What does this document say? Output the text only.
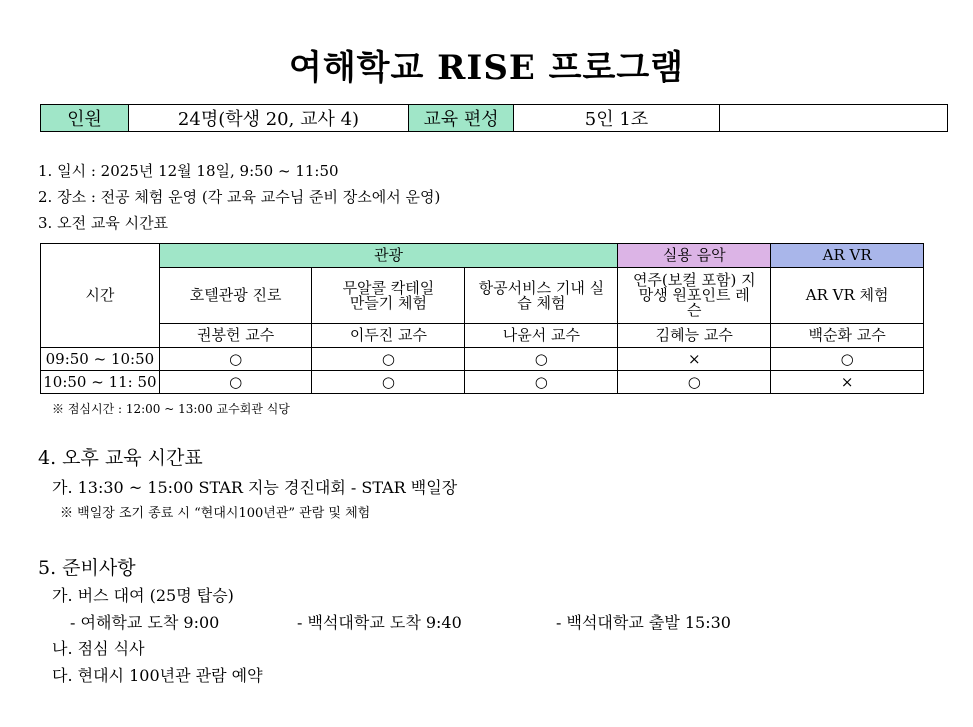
여해학교 RISE 프로그램
인원	24명(학생 20, 교사 4)	교육 편성	5인 1조	
1. 일시 : 2025년 12월 18일, 9:50 ~ 11:50
2. 장소 : 전공 체험 운영 (각 교육 교수님 준비 장소에서 운영)
3. 오전 교육 시간표
시간	관광			실용 음악	AR VR
	호텔관광 진로	무알콜 칵테일 만들기 체험	항공서비스 기내 실습 체험	연주(보컬 포함) 지망생 원포인트 레슨	AR VR 체험
	권봉헌 교수	이두진 교수	나윤서 교수	김혜능 교수	백순화 교수
09:50 ~ 10:50	○	○	○	×	○
10:50 ~ 11: 50	○	○	○	○	×
※ 점심시간 : 12:00 ~ 13:00 교수회관 식당
4. 오후 교육 시간표
가. 13:30 ~ 15:00 STAR 지능 경진대회 - STAR 백일장
※ 백일장 조기 종료 시 “현대시100년관” 관람 및 체험
5. 준비사항
가. 버스 대여 (25명 탑승)
- 여해학교 도착 9:00	- 백석대학교 도착 9:40	- 백석대학교 출발 15:30
나. 점심 식사
다. 현대시 100년관 관람 예약
